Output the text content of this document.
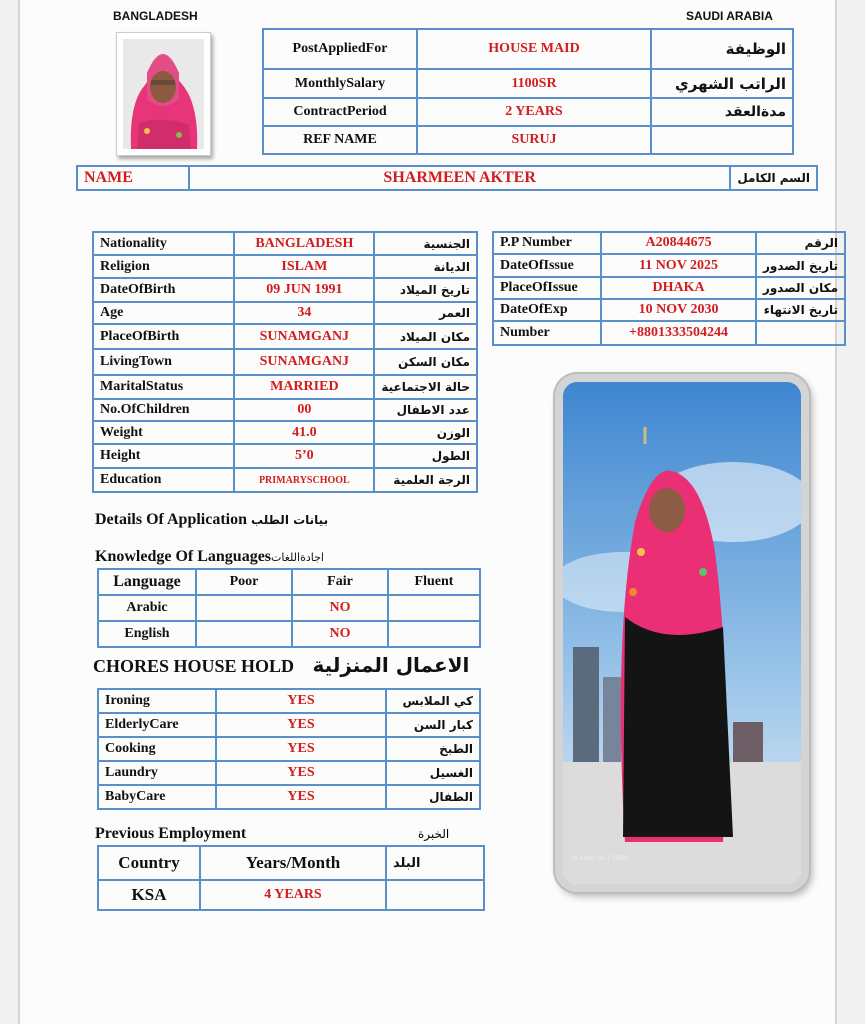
BANGLADESH	SAUDI ARABIA
PostAppliedFor	HOUSE MAID	الوظيفة
MonthlySalary	1100SR	الراتب الشهري
ContractPeriod	2 YEARS	مدةالعقد
REF NAME	SURUJ	
NAME	SHARMEEN AKTER	السم الكامل
Nationality	BANGLADESH	الجنسية
Religion	ISLAM	الديانة
DateOfBirth	09 JUN 1991	تاريخ الميلاد
Age	34	العمر
PlaceOfBirth	SUNAMGANJ	مكان الميلاد
LivingTown	SUNAMGANJ	مكان السكن
MaritalStatus	MARRIED	حالة الاجتماعية
No.OfChildren	00	عدد الاطفال
Weight	41.0	الوزن
Height	5’0	الطول
Education	PRIMARYSCHOOL	الرجة العلمية
P.P Number	A20844675	الرقم
DateOfIssue	11 NOV 2025	تاريخ الصدور
PlaceOfIssue	DHAKA	مكان الصدور
DateOfExp	10 NOV 2030	تاريخ الانتهاء
Number	+8801333504244	
Details Of Application بيانات الطلب
Knowledge Of Languagesاجادةاللغات
Language	Poor	Fair	Fluent
Arabic		NO	
English		NO	
CHORES HOUSE HOLD الاعمال المنزلية
Ironing	YES	كي الملابس
ElderlyCare	YES	كبار السن
Cooking	YES	الطبخ
Laundry	YES	الغسيل
BabyCare	YES	الطفال
Previous Employment	الخبرة
Country	Years/Month	البلد
KSA	4 YEARS	
ro X200 Pro | ZEISS
